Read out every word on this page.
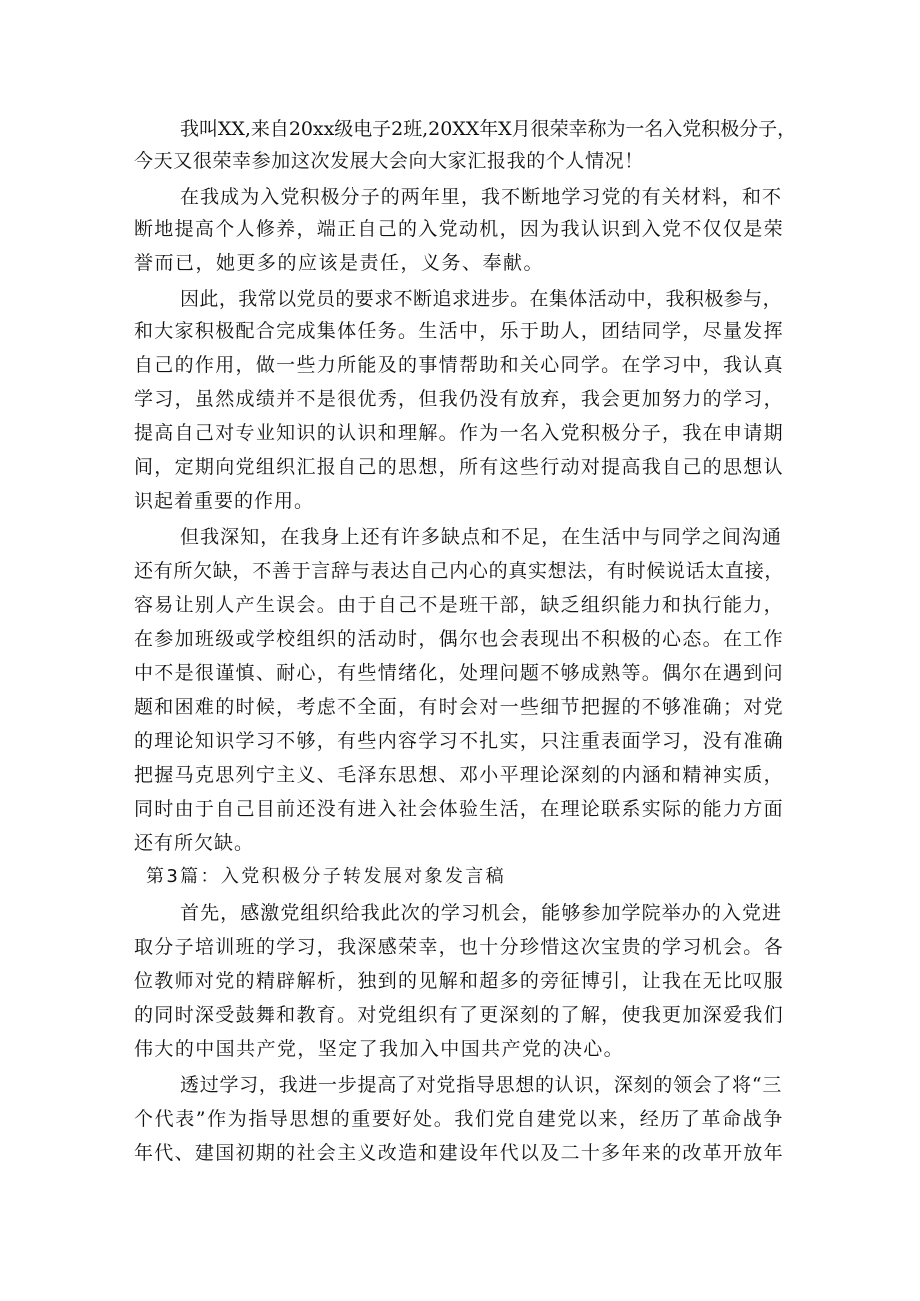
我叫XX,来自20xx级电子2班,20XX年X月很荣幸称为一名入党积极分子，
今天又很荣幸参加这次发展大会向大家汇报我的个人情况！
在我成为入党积极分子的两年里，我不断地学习党的有关材料，和不
断地提高个人修养，端正自己的入党动机，因为我认识到入党不仅仅是荣
誉而已，她更多的应该是责任，义务、奉献。
因此，我常以党员的要求不断追求进步。在集体活动中，我积极参与，
和大家积极配合完成集体任务。生活中，乐于助人，团结同学，尽量发挥
自己的作用，做一些力所能及的事情帮助和关心同学。在学习中，我认真
学习，虽然成绩并不是很优秀，但我仍没有放弃，我会更加努力的学习，
提高自己对专业知识的认识和理解。作为一名入党积极分子，我在申请期
间，定期向党组织汇报自己的思想，所有这些行动对提高我自己的思想认
识起着重要的作用。
但我深知，在我身上还有许多缺点和不足，在生活中与同学之间沟通
还有所欠缺，不善于言辞与表达自己内心的真实想法，有时候说话太直接，
容易让别人产生误会。由于自己不是班干部，缺乏组织能力和执行能力，
在参加班级或学校组织的活动时，偶尔也会表现出不积极的心态。在工作
中不是很谨慎、耐心，有些情绪化，处理问题不够成熟等。偶尔在遇到问
题和困难的时候，考虑不全面，有时会对一些细节把握的不够准确；对党
的理论知识学习不够，有些内容学习不扎实，只注重表面学习，没有准确
把握马克思列宁主义、毛泽东思想、邓小平理论深刻的内涵和精神实质，
同时由于自己目前还没有进入社会体验生活，在理论联系实际的能力方面
还有所欠缺。
第3篇：入党积极分子转发展对象发言稿
首先，感激党组织给我此次的学习机会，能够参加学院举办的入党进
取分子培训班的学习，我深感荣幸，也十分珍惜这次宝贵的学习机会。各
位教师对党的精辟解析，独到的见解和超多的旁征博引，让我在无比叹服
的同时深受鼓舞和教育。对党组织有了更深刻的了解，使我更加深爱我们
伟大的中国共产党，坚定了我加入中国共产党的决心。
透过学习，我进一步提高了对党指导思想的认识，深刻的领会了将“三
个代表”作为指导思想的重要好处。我们党自建党以来，经历了革命战争
年代、建国初期的社会主义改造和建设年代以及二十多年来的改革开放年
